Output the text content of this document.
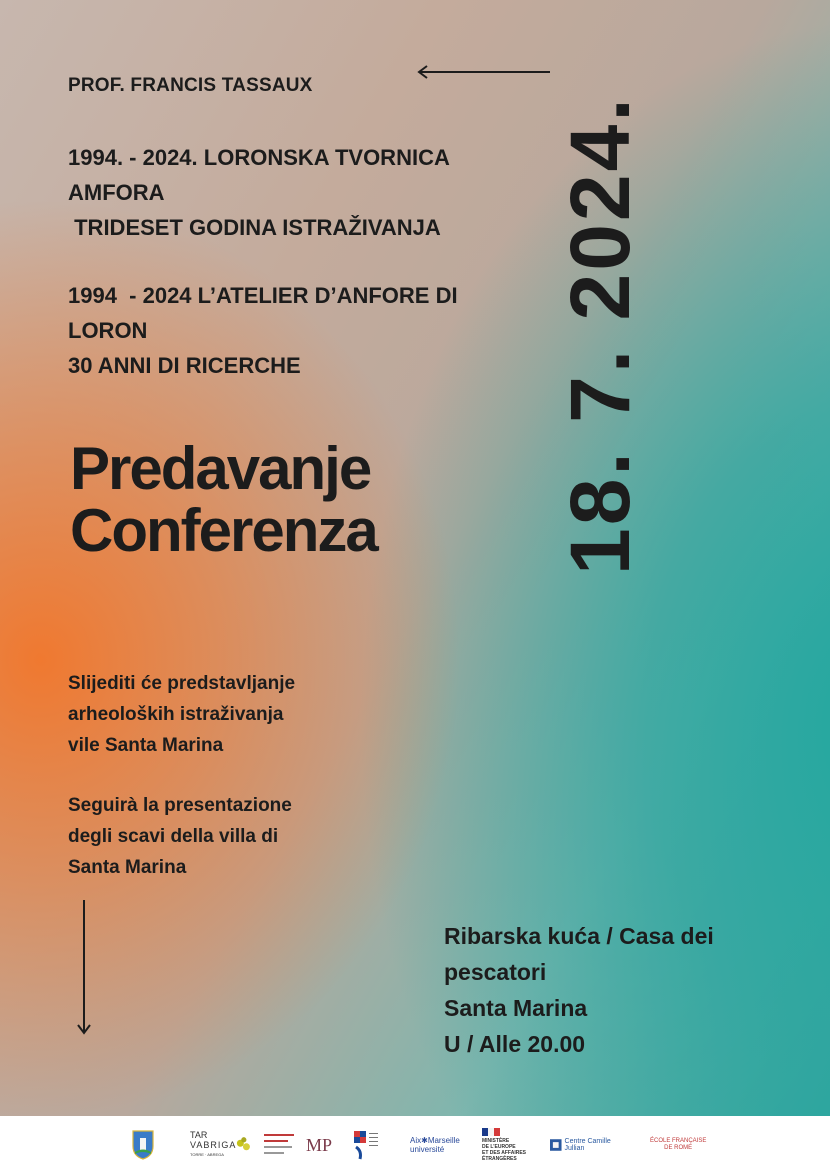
PROF. FRANCIS TASSAUX
1994. - 2024. LORONSKA TVORNICA
AMFORA
TRIDESET GODINA ISTRAŽIVANJA
1994  - 2024 L’ATELIER D’ANFORE DI
LORON
30 ANNI DI RICERCHE
Predavanje
Conferenza 18. 7. 2024.
Slijediti će predstavljanje
arheoloških istraživanja
vile Santa Marina
Seguirà la presentazione
degli scavi della villa di
Santa Marina
Ribarska kuća / Casa dei
pescatori
Santa Marina
U / Alle 20.00
TAR
VABRIGA
TORRE · ABREGA	MP	Aix✱Marseille université
MINISTÈRE
DE L’EUROPE
ET DES AFFAIRES
ÉTRANGÈRES
Centre Camille Jullian
ÉCOLE FRANÇAISE
DE ROME
